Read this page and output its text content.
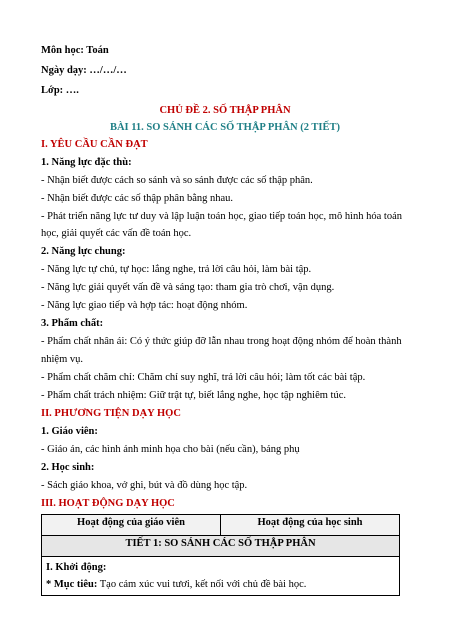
Môn học: Toán
Ngày dạy: …/…/…
Lớp: ….
CHỦ ĐỀ 2. SỐ THẬP PHÂN
BÀI 11. SO SÁNH CÁC SỐ THẬP PHÂN (2 TIẾT)
I. YÊU CẦU CẦN ĐẠT
1. Năng lực đặc thù:
- Nhận biết được cách so sánh và so sánh được các số thập phân.
- Nhận biết được các số thập phân bằng nhau.
- Phát triển năng lực tư duy và lập luận toán học, giao tiếp toán học, mô hình hóa toán
học, giải quyết các vấn đề toán học.
2. Năng lực chung:
- Năng lực tự chủ, tự học: lắng nghe, trả lời câu hỏi, làm bài tập.
- Năng lực giải quyết vấn đề và sáng tạo: tham gia trò chơi, vận dụng.
- Năng lực giao tiếp và hợp tác: hoạt động nhóm.
3. Phẩm chất:
- Phẩm chất nhân ái: Có ý thức giúp đỡ lẫn nhau trong hoạt động nhóm để hoàn thành
nhiệm vụ.
- Phẩm chất chăm chỉ: Chăm chỉ suy nghĩ, trả lời câu hỏi; làm tốt các bài tập.
- Phẩm chất trách nhiệm: Giữ trật tự, biết lắng nghe, học tập nghiêm túc.
II. PHƯƠNG TIỆN DẠY HỌC
1. Giáo viên:
- Giáo án, các hình ảnh minh họa cho bài (nếu cần), bảng phụ
2. Học sinh:
- Sách giáo khoa, vở ghi, bút và đồ dùng học tập.
III. HOẠT ĐỘNG DẠY HỌC
Hoạt động của giáo viên	Hoạt động của học sinh
TIẾT 1: SO SÁNH CÁC SỐ THẬP PHÂN

I. Khởi động:
* Mục tiêu: Tạo cảm xúc vui tươi, kết nối với chủ đề bài học.
